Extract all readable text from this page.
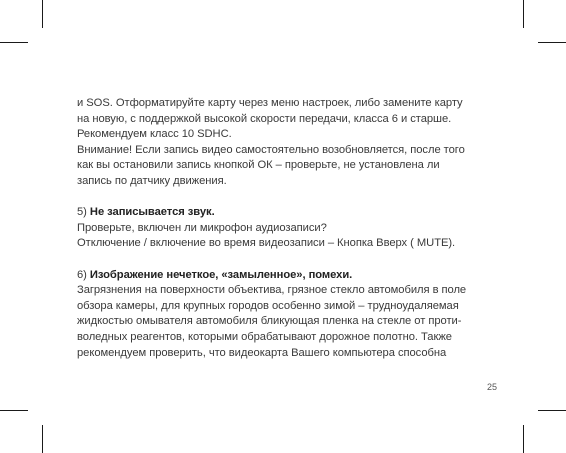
и SOS. Отформатируйте карту через меню настроек, либо замените карту

на новую, с поддержкой высокой скорости передачи, класса 6 и старше.

Рекомендуем класс 10 SDHC.

Внимание! Если запись видео самостоятельно возобновляется, после того

как вы остановили запись кнопкой ОК – проверьте, не установлена ли

запись по датчику движения.

5) Не записывается звук.

Проверьте, включен ли микрофон аудиозаписи?

Отключение / включение во время видеозаписи – Кнопка Вверх ( MUTE).

6) Изображение нечеткое, «замыленное», помехи.

Загрязнения на поверхности объектива, грязное стекло автомобиля в поле

обзора камеры, для крупных городов особенно зимой – трудноудаляемая

жидкостью омывателя автомобиля бликующая пленка на стекле от проти-

воледных реагентов, которыми обрабатывают дорожное полотно. Также

рекомендуем проверить, что видеокарта Вашего компьютера способна

25
